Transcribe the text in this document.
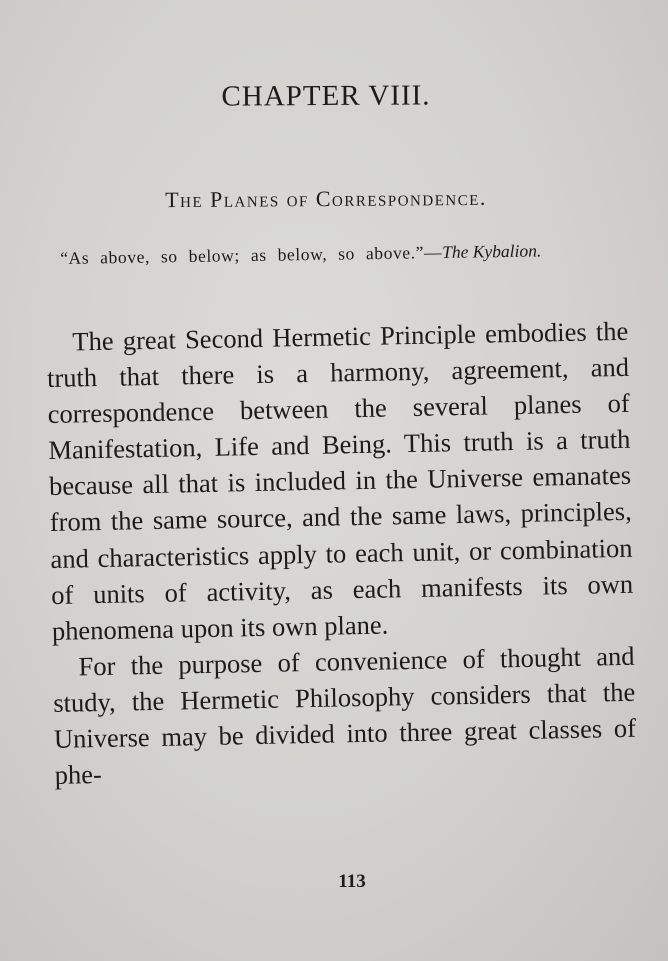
CHAPTER VIII.
The Planes of Correspondence.
“As above, so below; as below, so above.”—The Kybalion.

The great Second Hermetic Principle embodies the truth that there is a harmony, agreement, and correspondence between the several planes of Manifestation, Life and Being. This truth is a truth because all that is included in the Universe emanates from the same source, and the same laws, principles, and characteristics apply to each unit, or combination of units of activity, as each manifests its own phenomena upon its own plane.

For the purpose of convenience of thought and study, the Hermetic Philosophy considers that the Universe may be divided into three great classes of phe-

113
